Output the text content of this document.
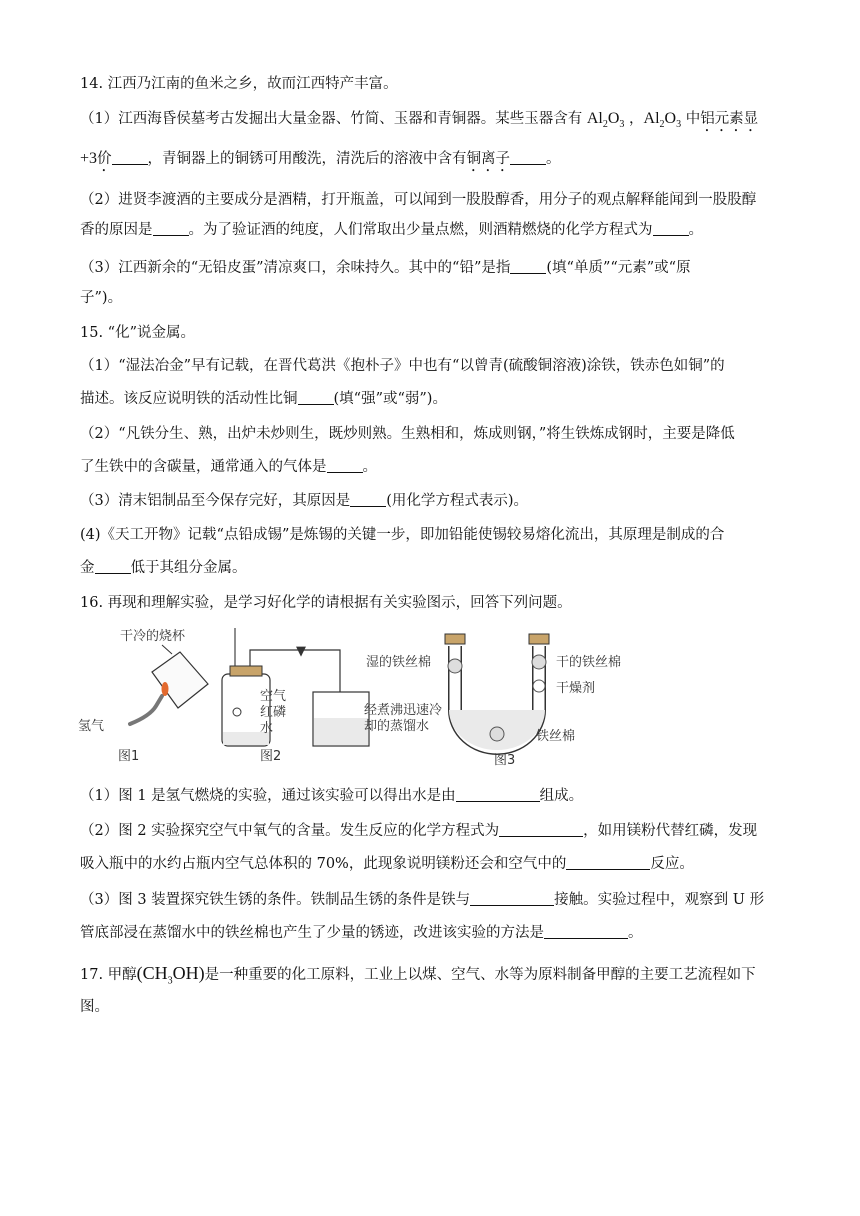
14. 江西乃江南的鱼米之乡，故而江西特产丰富。
（1）江西海昏侯墓考古发掘出大量金器、竹简、玉器和青铜器。某些玉器含有 $Al_2O_3$ ，$Al_2O_3$ 中铝元素显
+3价 ，青铜器上的铜锈可用酸洗，清洗后的溶液中含有铜离子 。
（2）进贤李渡酒的主要成分是酒精，打开瓶盖，可以闻到一股股醇香，用分子的观点解释能闻到一股股醇
香的原因是 。为了验证酒的纯度，人们常取出少量点燃，则酒精燃烧的化学方程式为 。
（3）江西新余的“无铅皮蛋”清凉爽口，余味持久。其中的“铅”是指 (填“单质”“元素”或“原
子”)。
15. “化”说金属。
（1）“湿法冶金”早有记载，在晋代葛洪《抱朴子》中也有“以曾青(硫酸铜溶液)涂铁，铁赤色如铜”的
描述。该反应说明铁的活动性比铜 (填“强”或“弱”)。
（2）“凡铁分生、熟，出炉未炒则生，既炒则熟。生熟相和，炼成则钢，”将生铁炼成钢时，主要是降低
了生铁中的含碳量，通常通入的气体是 。
（3）清末铝制品至今保存完好，其原因是 (用化学方程式表示)。
(4)《天工开物》记载“点铅成锡”是炼锡的关键一步，即加铅能使锡较易熔化流出，其原理是制成的合
金 低于其组分金属。
16. 再现和理解实验，是学习好化学的请根据有关实验图示，回答下列问题。
干冷的烧杯
氢气
图1
▼
空气
红磷
水
图2
湿的铁丝棉	干的铁丝棉
干燥剂
经煮沸迅速冷
却的蒸馏水
铁丝棉
图3
（1）图 1 是氢气燃烧的实验，通过该实验可以得出水是由	组成。
（2）图 2 实验探究空气中氧气的含量。发生反应的化学方程式为	，如用镁粉代替红磷，发现
吸入瓶中的水约占瓶内空气总体积的 70%，此现象说明镁粉还会和空气中的	反应。
（3）图 3 装置探究铁生锈的条件。铁制品生锈的条件是铁与	接触。实验过程中，观察到 U 形
管底部浸在蒸馏水中的铁丝棉也产生了少量的锈迹，改进该实验的方法是	。
17. 甲醇$(CH_3OH)$是一种重要的化工原料，工业上以煤、空气、水等为原料制备甲醇的主要工艺流程如下
图。
